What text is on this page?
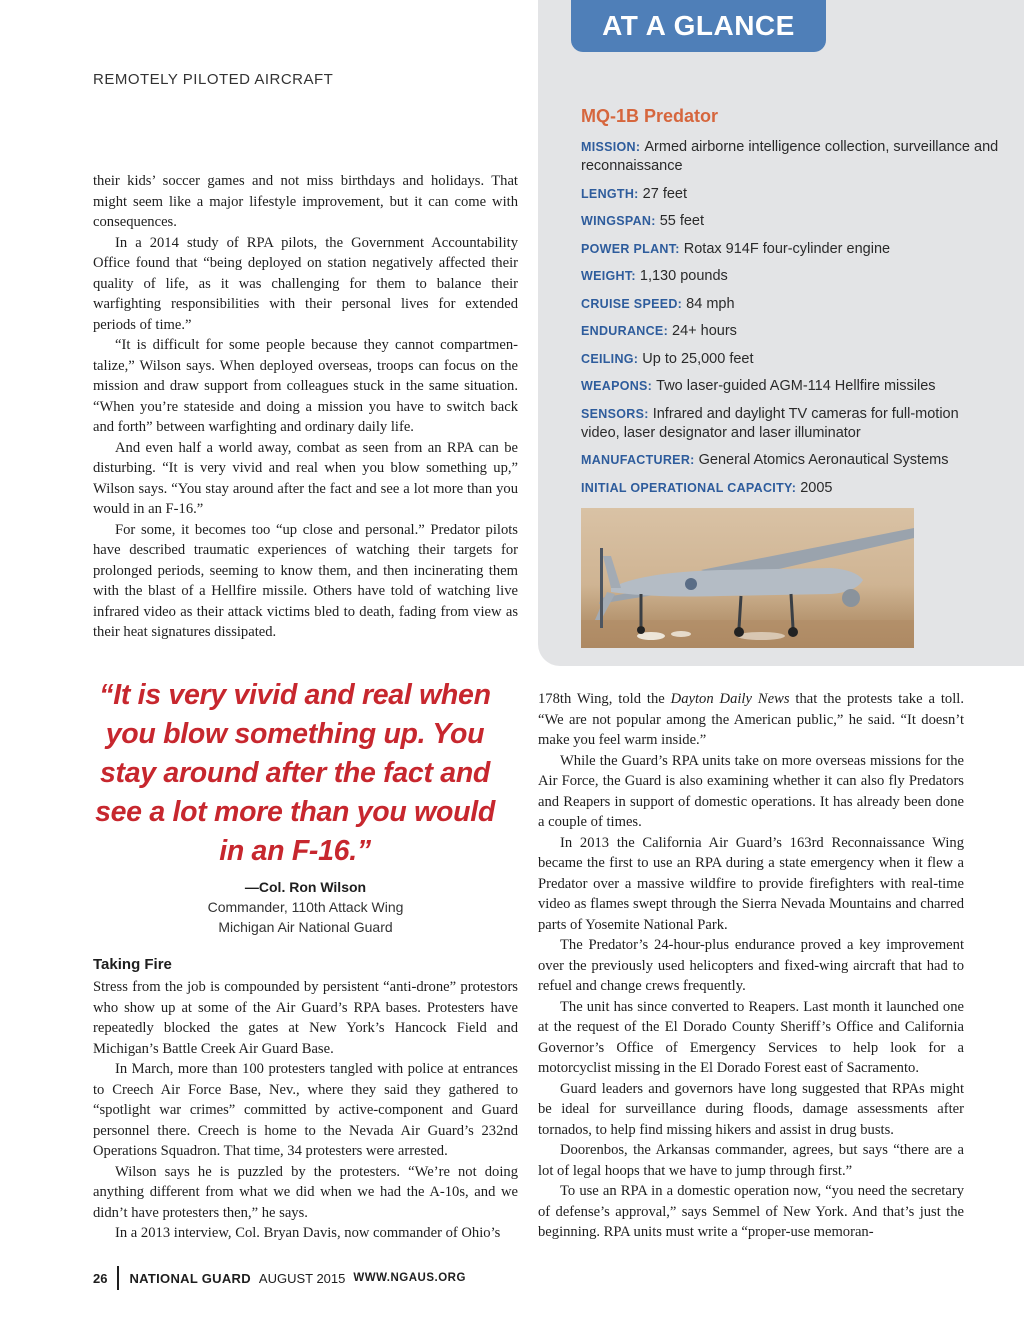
AT A GLANCE
MQ-1B Predator
MISSION: Armed airborne intelligence collection, surveillance and reconnaissance
LENGTH: 27 feet
WINGSPAN: 55 feet
POWER PLANT: Rotax 914F four-cylinder engine
WEIGHT: 1,130 pounds
CRUISE SPEED: 84 mph
ENDURANCE: 24+ hours
CEILING: Up to 25,000 feet
WEAPONS: Two laser-guided AGM-114 Hellfire missiles
SENSORS: Infrared and daylight TV cameras for full-motion video, laser designator and laser illuminator
MANUFACTURER: General Atomics Aeronautical Systems
INITIAL OPERATIONAL CAPACITY: 2005
REMOTELY PILOTED AIRCRAFT

their kids’ soccer games and not miss birthdays and holidays. That might seem like a major lifestyle improvement, but it can come with consequences.

In a 2014 study of RPA pilots, the Government Accountability Office found that “being deployed on station negatively affected their quality of life, as it was challenging for them to balance their warfighting responsibilities with their personal lives for extended periods of time.”

“It is difficult for some people because they cannot compartmentalize,” Wilson says. When deployed overseas, troops can focus on the mission and draw support from colleagues stuck in the same situation. “When you’re stateside and doing a mission you have to switch back and forth” between warfighting and ordinary daily life.

And even half a world away, combat as seen from an RPA can be disturbing. “It is very vivid and real when you blow something up,” Wilson says. “You stay around after the fact and see a lot more than you would in an F-16.”

For some, it becomes too “up close and personal.” Predator pilots have described traumatic experiences of watching their targets for prolonged periods, seeming to know them, and then incinerating them with the blast of a Hellfire missile. Others have told of watching live infrared video as their attack victims bled to death, fading from view as their heat signatures dissipated.

“It is very vivid and real when you blow something up. You stay around after the fact and see a lot more than you would in an F-16.”
—Col. Ron Wilson
Commander, 110th Attack Wing
Michigan Air National Guard
Taking Fire

Stress from the job is compounded by persistent “anti-drone” protestors who show up at some of the Air Guard’s RPA bases. Protesters have repeatedly blocked the gates at New York’s Hancock Field and Michigan’s Battle Creek Air Guard Base.

In March, more than 100 protesters tangled with police at entrances to Creech Air Force Base, Nev., where they said they gathered to “spotlight war crimes” committed by active-component and Guard personnel there. Creech is home to the Nevada Air Guard’s 232nd Operations Squadron. That time, 34 protesters were arrested.

Wilson says he is puzzled by the protesters. “We’re not doing anything different from what we did when we had the A-10s, and we didn’t have protesters then,” he says.

In a 2013 interview, Col. Bryan Davis, now commander of Ohio’s

178th Wing, told the Dayton Daily News that the protests take a toll. “We are not popular among the American public,” he said. “It doesn’t make you feel warm inside.”

While the Guard’s RPA units take on more overseas missions for the Air Force, the Guard is also examining whether it can also fly Predators and Reapers in support of domestic operations. It has already been done a couple of times.

In 2013 the California Air Guard’s 163rd Reconnaissance Wing became the first to use an RPA during a state emergency when it flew a Predator over a massive wildfire to provide firefighters with real-time video as flames swept through the Sierra Nevada Mountains and charred parts of Yosemite National Park.

The Predator’s 24-hour-plus endurance proved a key improvement over the previously used helicopters and fixed-wing aircraft that had to refuel and change crews frequently.

The unit has since converted to Reapers. Last month it launched one at the request of the El Dorado County Sheriff’s Office and California Governor’s Office of Emergency Services to help look for a motorcyclist missing in the El Dorado Forest east of Sacramento.

Guard leaders and governors have long suggested that RPAs might be ideal for surveillance during floods, damage assessments after tornados, to help find missing hikers and assist in drug busts.

Doorenbos, the Arkansas commander, agrees, but says “there are a lot of legal hoops that we have to jump through first.”

To use an RPA in a domestic operation now, “you need the secretary of defense’s approval,” says Semmel of New York. And that’s just the beginning. RPA units must write a “proper-use memoran-

26 NATIONAL GUARD AUGUST 2015 WWW.NGAUS.ORG
